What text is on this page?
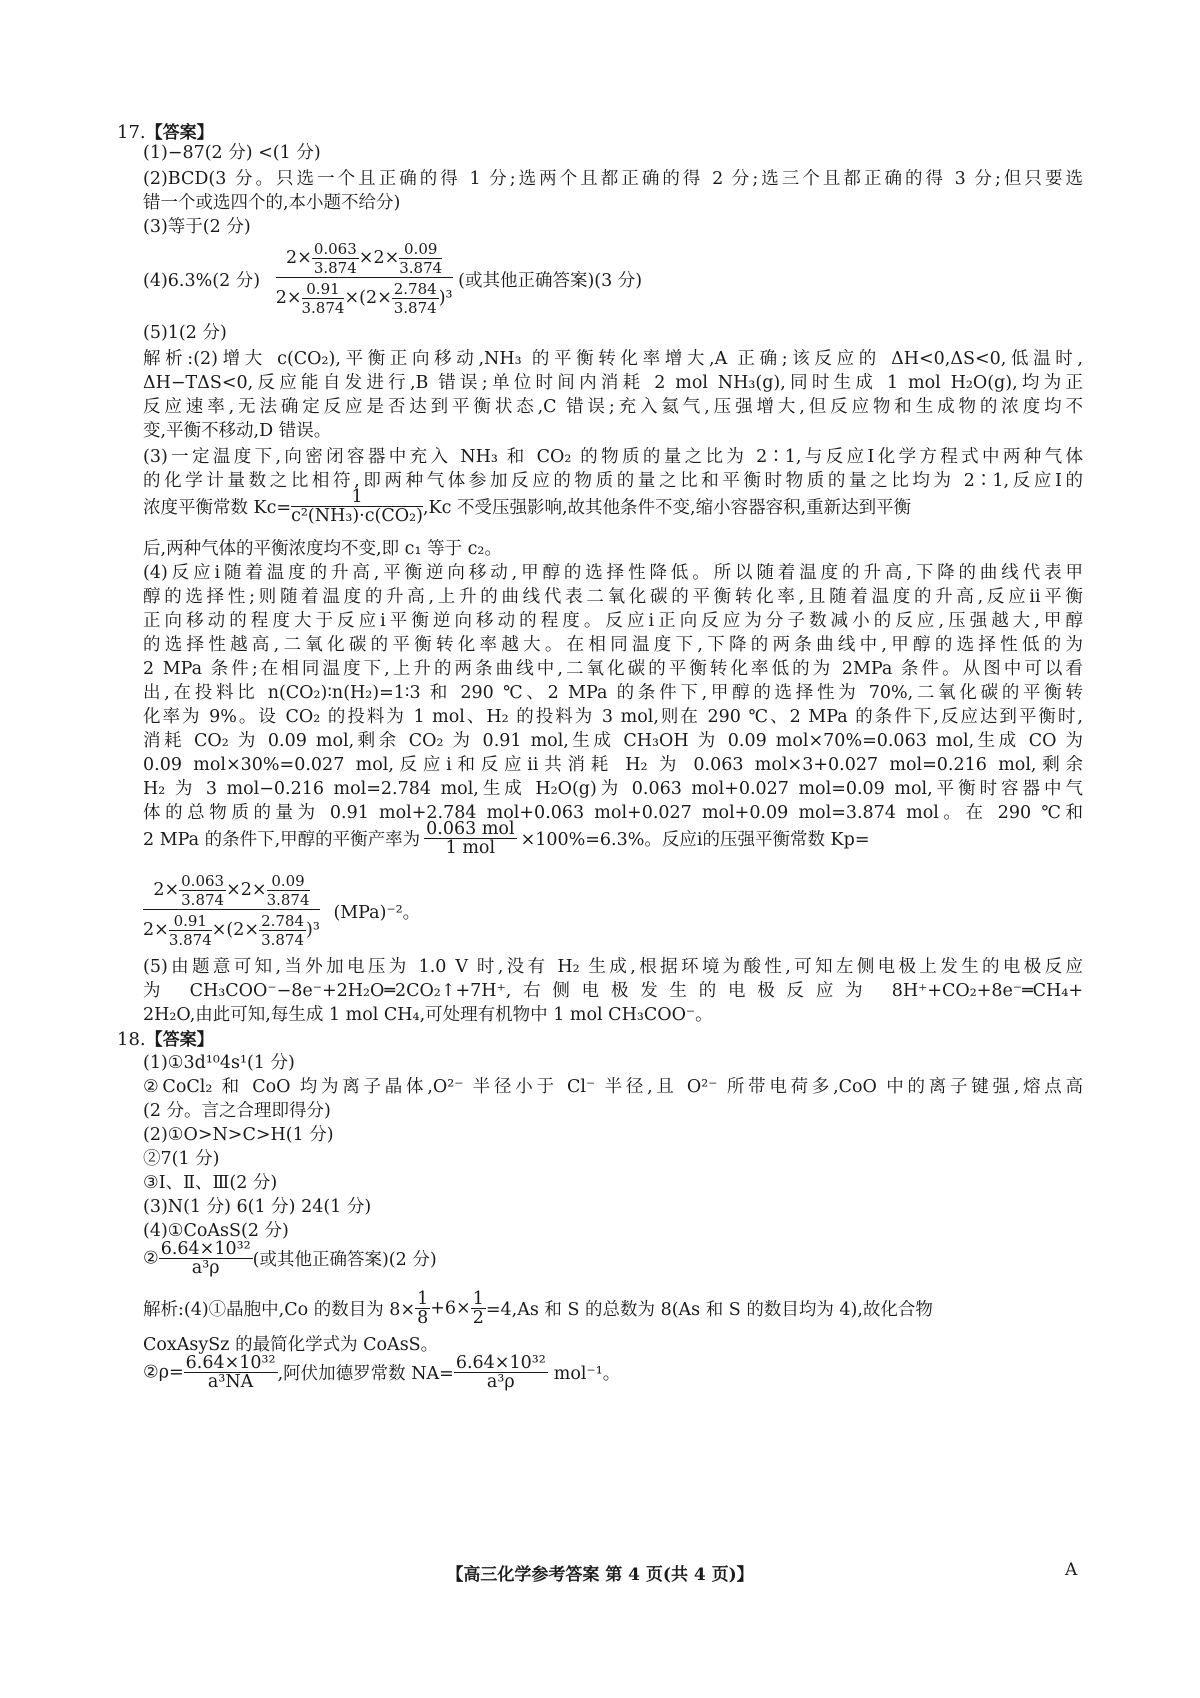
17.【答案】
(1)−87(2 分) <(1 分)
(2)BCD(3 分。只选一个且正确的得 1 分;选两个且都正确的得 2 分;选三个且都正确的得 3 分;但只要选
错一个或选四个的,本小题不给分)
(3)等于(2 分)
(4)6.3%(2 分) $\frac{2\times \frac{0.063}{3.874} \times 2\times \frac{0.09}{3.874}}{2\times \frac{0.91}{3.874} \times(2\times \frac{2.784}{3.874} )^3}$ (或其他正确答案)(3 分)
(5)1(2 分)
解析:(2)增大 c(CO₂),平衡正向移动,NH₃ 的平衡转化率增大,A 正确;该反应的 ΔH<0,ΔS<0,低温时,
ΔH−TΔS<0,反应能自发进行,B 错误;单位时间内消耗 2 mol NH₃(g),同时生成 1 mol H₂O(g),均为正
反应速率,无法确定反应是否达到平衡状态,C 错误;充入氦气,压强增大,但反应物和生成物的浓度均不
变,平衡不移动,D 错误。
(3)一定温度下,向密闭容器中充入 NH₃ 和 CO₂ 的物质的量之比为 2∶1,与反应Ⅰ化学方程式中两种气体
的化学计量数之比相符,即两种气体参加反应的物质的量之比和平衡时物质的量之比均为 2∶1,反应Ⅰ的
浓度平衡常数 $Kc= \frac{1}{\text{c²(NH₃)·c(CO₂)}} ,Kc$ 不受压强影响,故其他条件不变,缩小容器容积,重新达到平衡
后,两种气体的平衡浓度均不变,即 c₁ 等于 c₂。
(4)反应ⅰ随着温度的升高,平衡逆向移动,甲醇的选择性降低。所以随着温度的升高,下降的曲线代表甲
醇的选择性;则随着温度的升高,上升的曲线代表二氧化碳的平衡转化率,且随着温度的升高,反应ⅱ平衡
正向移动的程度大于反应ⅰ平衡逆向移动的程度。反应ⅰ正向反应为分子数减小的反应,压强越大,甲醇
的选择性越高,二氧化碳的平衡转化率越大。在相同温度下,下降的两条曲线中,甲醇的选择性低的为
2 MPa 条件;在相同温度下,上升的两条曲线中,二氧化碳的平衡转化率低的为 2MPa 条件。从图中可以看
出,在投料比 n(CO₂)∶n(H₂)=1∶3 和 290 ℃、2 MPa 的条件下,甲醇的选择性为 70%,二氧化碳的平衡转
化率为 9%。设 CO₂ 的投料为 1 mol、H₂ 的投料为 3 mol,则在 290 ℃、2 MPa 的条件下,反应达到平衡时,
消耗 CO₂ 为 0.09 mol,剩余 CO₂ 为 0.91 mol,生成 CH₃OH 为 0.09 mol×70%=0.063 mol,生成 CO 为
0.09 mol×30%=0.027 mol,反应ⅰ和反应ⅱ共消耗 H₂ 为 0.063 mol×3+0.027 mol=0.216 mol,剩余
H₂ 为 3 mol−0.216 mol=2.784 mol,生成 H₂O(g)为 0.063 mol+0.027 mol=0.09 mol,平衡时容器中气
体的总物质的量为 0.91 mol+2.784 mol+0.063 mol+0.027 mol+0.09 mol=3.874 mol。在 290 ℃和
2 MPa 的条件下,甲醇的平衡产率为 $\frac{\text{0.063 mol}}{\text{1 mol}} \times 100\%=6.3\%$。反应ⅰ的压强平衡常数 Kp=
$\frac{2\times \frac{0.063}{3.874} \times 2\times \frac{0.09}{3.874}}{2\times \frac{0.91}{3.874} \times(2\times \frac{2.784}{3.874} )^3} (MPa)^{-2}$。
(5)由题意可知,当外加电压为 1.0 V 时,没有 H₂ 生成,根据环境为酸性,可知左侧电极上发生的电极反应
为 CH₃COO⁻−8e⁻+2H₂O═2CO₂↑+7H⁺,右侧电极发生的电极反应为 8H⁺+CO₂+8e⁻═CH₄+
2H₂O,由此可知,每生成 1 mol CH₄,可处理有机物中 1 mol CH₃COO⁻。
18.【答案】
(1)①3d¹⁰4s¹(1 分)
②CoCl₂ 和 CoO 均为离子晶体,O²⁻ 半径小于 Cl⁻ 半径,且 O²⁻ 所带电荷多,CoO 中的离子键强,熔点高
(2 分。言之合理即得分)
(2)①O>N>C>H(1 分)
②7(1 分)
③Ⅰ、Ⅱ、Ⅲ(2 分)
(3)N(1 分) 6(1 分) 24(1 分)
(4)①CoAsS(2 分)
② $\frac{\text{6.64×10³²}}{\text{a³ρ}}$ (或其他正确答案)(2 分)
解析:(4)①晶胞中,Co 的数目为 $8\times \frac{1}{8} +6\times \frac{1}{2} =4,As$ 和 S 的总数为 8(As 和 S 的数目均为 4),故化合物
CoxAsySz 的最简化学式为 CoAsS。
②ρ= $\frac{\text{6.64×10³²}}{\text{a³NA}}$ ,阿伏加德罗常数 $NA= \frac{\text{6.64×10³²}}{\text{a³ρ}} mol^{-1}$。
【高三化学参考答案 第 4 页(共 4 页)】	A
